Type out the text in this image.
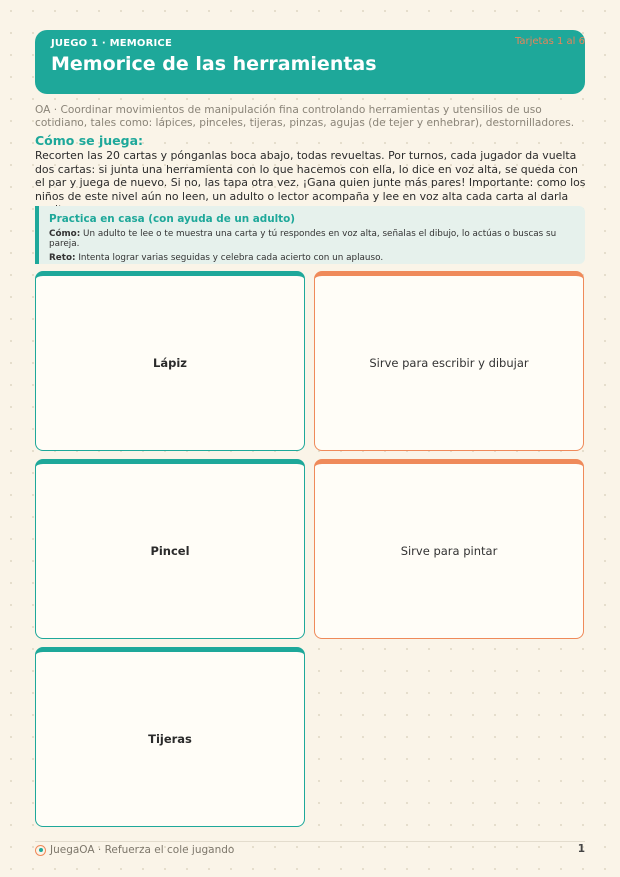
JUEGO 1 · MEMORICE
Memorice de las herramientas
Tarjetas 1 al 6
OA · Coordinar movimientos de manipulación fina controlando herramientas y utensilios de uso cotidiano, tales como: lápices, pinceles, tijeras, pinzas, agujas (de tejer y enhebrar), destornilladores.
Cómo se juega:
Recorten las 20 cartas y pónganlas boca abajo, todas revueltas. Por turnos, cada jugador da vuelta dos cartas: si junta una herramienta con lo que hacemos con ella, lo dice en voz alta, se queda con el par y juega de nuevo. Si no, las tapa otra vez. ¡Gana quien junte más pares! Importante: como los niños de este nivel aún no leen, un adulto o lector acompaña y lee en voz alta cada carta al darla
Practica en casa (con ayuda de un adulto)
Cómo: Un adulto te lee o te muestra una carta y tú respondes en voz alta, señalas el dibujo, lo actúas o buscas su pareja.
Reto: Intenta lograr varias seguidas y celebra cada acierto con un aplauso.
Lápiz	Sirve para escribir y dibujar
Pincel	Sirve para pintar
Tijeras
JuegaOA · Refuerza el cole jugando	1
